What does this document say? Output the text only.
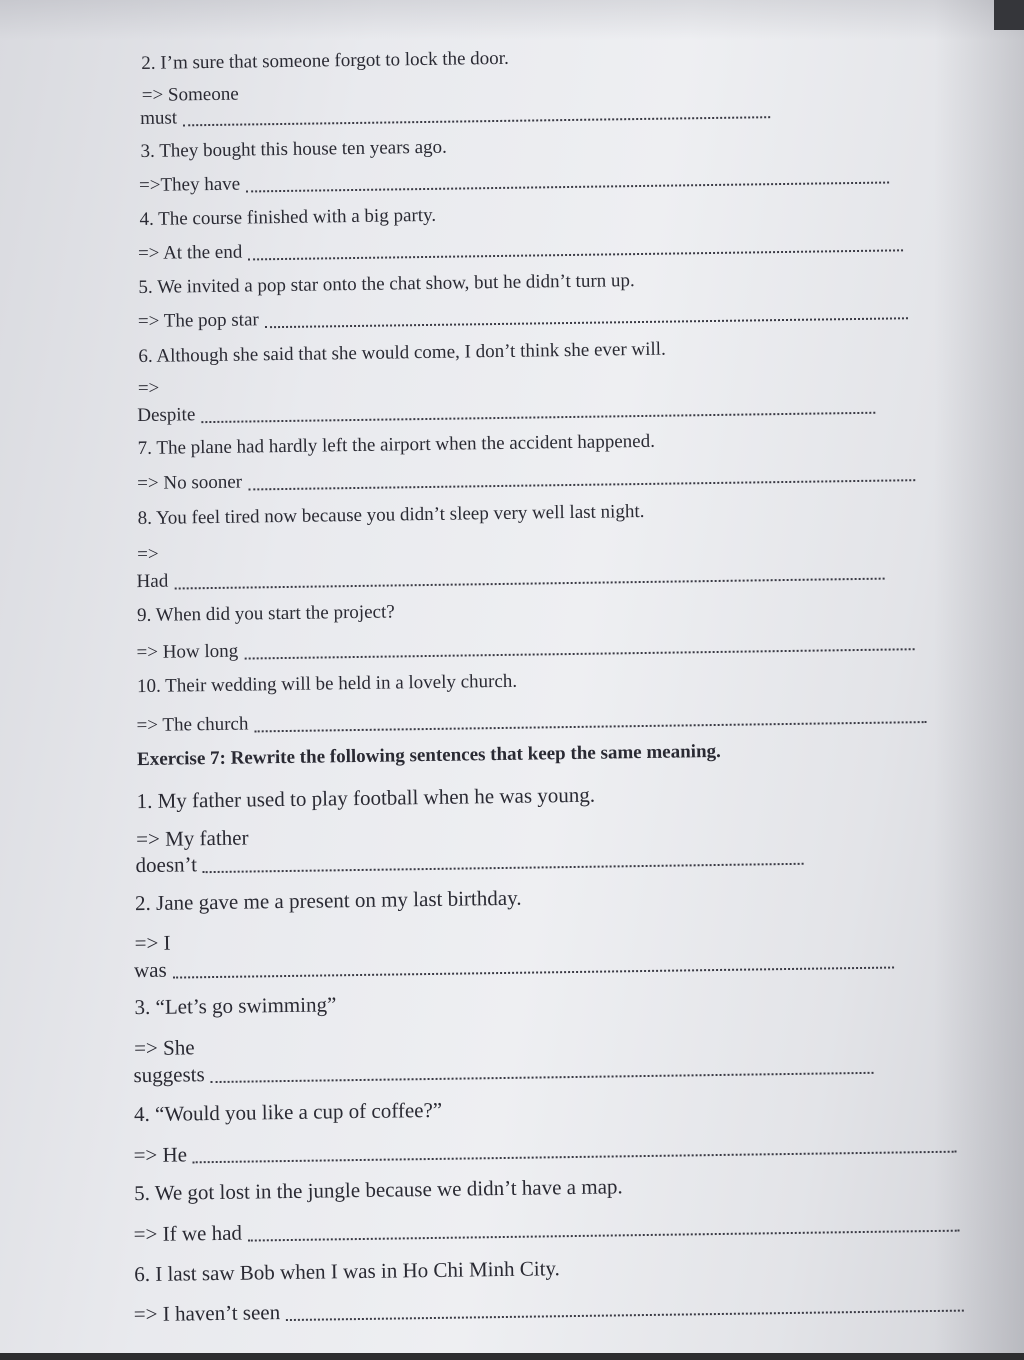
2. I’m sure that someone forgot to lock the door.
=> Someone
must
3. They bought this house ten years ago.
=>They have
4. The course finished with a big party.
=> At the end
5. We invited a pop star onto the chat show, but he didn’t turn up.
=> The pop star
6. Although she said that she would come, I don’t think she ever will.
=>
Despite
7. The plane had hardly left the airport when the accident happened.
=> No sooner
8. You feel tired now because you didn’t sleep very well last night.
=>
Had
9. When did you start the project?
=> How long
10. Their wedding will be held in a lovely church.
=> The church
Exercise 7: Rewrite the following sentences that keep the same meaning.
1. My father used to play football when he was young.
=> My father
doesn’t
2. Jane gave me a present on my last birthday.
=> I
was
3. “Let’s go swimming”
=> She
suggests
4. “Would you like a cup of coffee?”
=> He
5. We got lost in the jungle because we didn’t have a map.
=> If we had
6. I last saw Bob when I was in Ho Chi Minh City.
=> I haven’t seen
